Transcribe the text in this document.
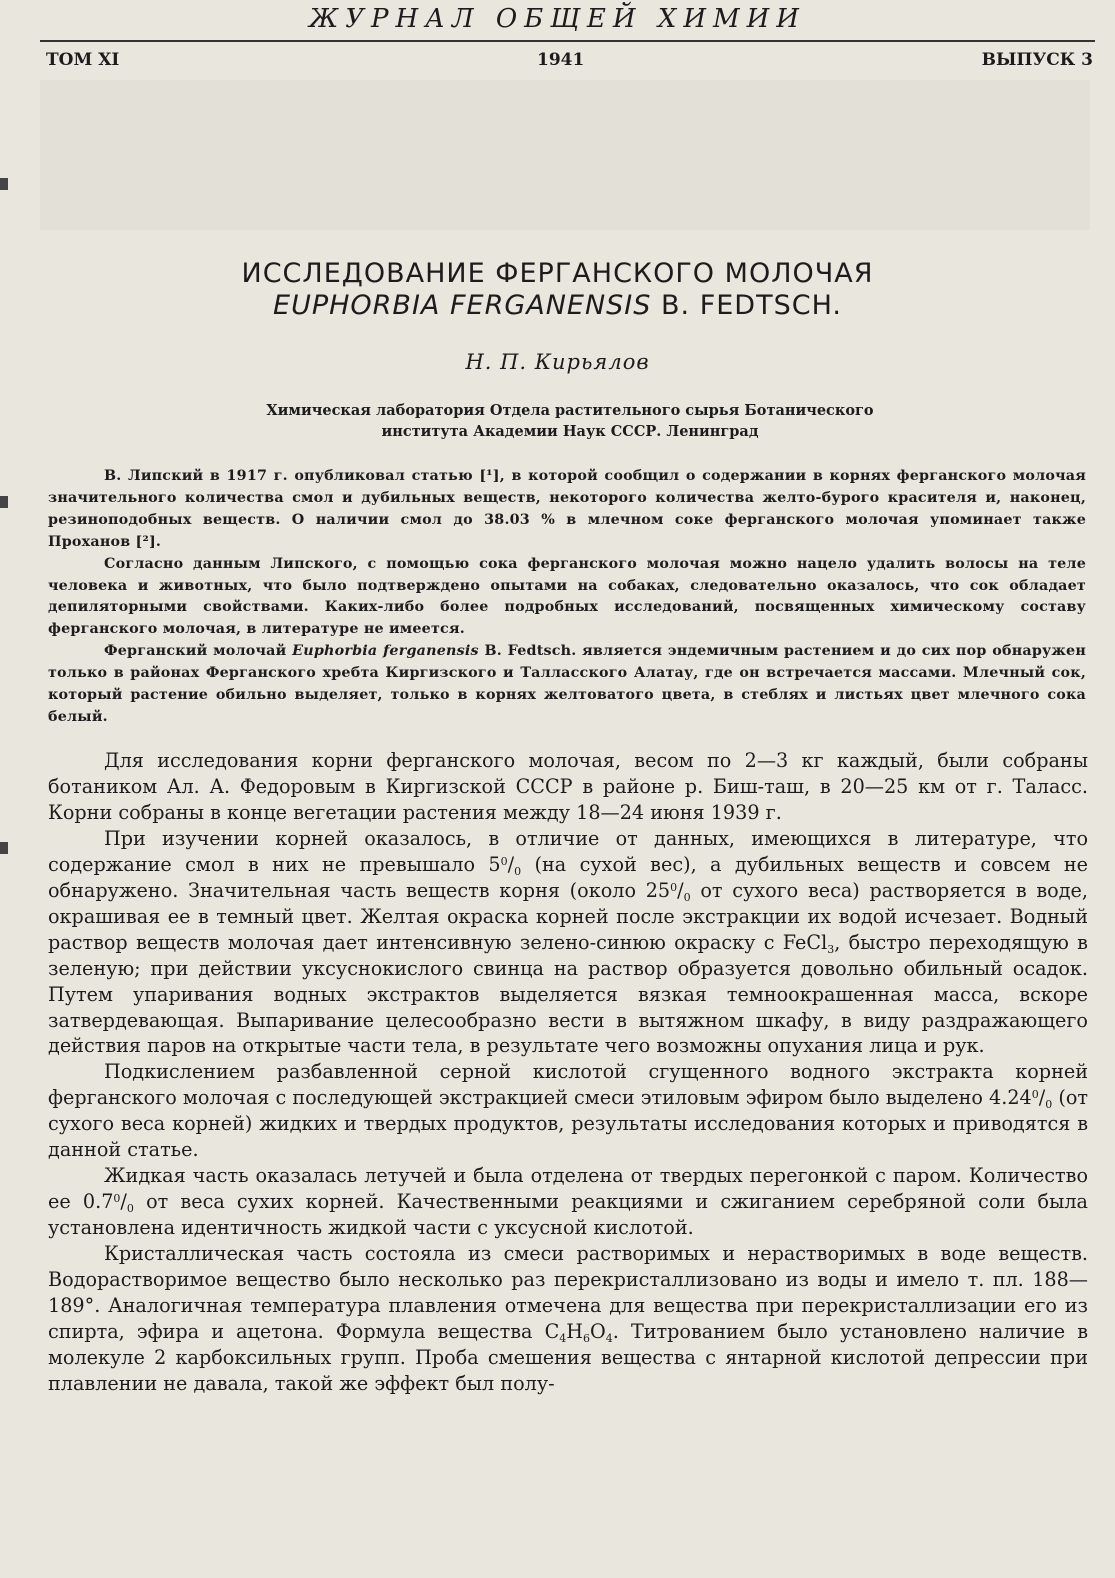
ЖУРНАЛ ОБЩЕЙ ХИМИИ
ТОМ XI	1941	ВЫПУСК 3
ИССЛЕДОВАНИЕ ФЕРГАНСКОГО МОЛОЧАЯ
EUPHORBIA FERGANENSIS B. FEDTSCH.
Н. П. Кирьялов
Химическая лаборатория Отдела растительного сырья Ботанического
института Академии Наук СССР. Ленинград

В. Липский в 1917 г. опубликовал статью [¹], в которой сообщил о содержании в корнях ферганского молочая значительного количества смол и дубильных веществ, некоторого количества желто-бурого красителя и, наконец, резиноподобных веществ. О наличии смол до 38.03 % в млечном соке ферганского молочая упоминает также Проханов [²].

Согласно данным Липского, с помощью сока ферганского молочая можно нацело удалить волосы на теле человека и животных, что было подтверждено опытами на собаках, следовательно оказалось, что сок обладает депиляторными свойствами. Каких-либо более подробных исследований, посвященных химическому составу ферганского молочая, в литературе не имеется.

Ферганский молочай Euphorbia ferganensis B. Fedtsch. является эндемичным растением и до сих пор обнаружен только в районах Ферганского хребта Киргизского и Талласского Алатау, где он встречается массами. Млечный сок, который растение обильно выделяет, только в корнях желтоватого цвета, в стеблях и листьях цвет млечного сока белый.

Для исследования корни ферганского молочая, весом по 2—3 кг каждый, были собраны ботаником Ал. А. Федоровым в Киргизской СССР в районе р. Биш-таш, в 20—25 км от г. Таласс. Корни собраны в конце вегетации растения между 18—24 июня 1939 г.

При изучении корней оказалось, в отличие от данных, имеющихся в литературе, что содержание смол в них не превышало $5^0/_0$ (на сухой вес), а дубильных веществ и совсем не обнаружено. Значительная часть веществ корня (около $25^0/_0$ от сухого веса) растворяется в воде, окрашивая ее в темный цвет. Желтая окраска корней после экстракции их водой исчезает. Водный раствор веществ молочая дает интенсивную зелено-синюю окраску с FeCl$_3$, быстро переходящую в зеленую; при действии уксуснокислого свинца на раствор образуется довольно обильный осадок. Путем упаривания водных экстрактов выделяется вязкая темноокрашенная масса, вскоре затвердевающая. Выпаривание целесообразно вести в вытяжном шкафу, в виду раздражающего действия паров на открытые части тела, в результате чего возможны опухания лица и рук.

Подкислением разбавленной серной кислотой сгущенного водного экстракта корней ферганского молочая с последующей экстракцией смеси этиловым эфиром было выделено $4.24^0/_0$ (от сухого веса корней) жидких и твердых продуктов, результаты исследования которых и приводятся в данной статье.

Жидкая часть оказалась летучей и была отделена от твердых перегонкой с паром. Количество ее $0.7^0/_0$ от веса сухих корней. Качественными реакциями и сжиганием серебряной соли была установлена идентичность жидкой части с уксусной кислотой.

Кристаллическая часть состояла из смеси растворимых и нерастворимых в воде веществ. Водорастворимое вещество было несколько раз перекристаллизовано из воды и имело т. пл. 188—189°. Аналогичная температура плавления отмечена для вещества при перекристаллизации его из спирта, эфира и ацетона. Формула вещества $C_4H_6O_4$. Титрованием было установлено наличие в молекуле 2 карбоксильных групп. Проба смешения вещества с янтарной кислотой депрессии при плавлении не давала, такой же эффект был полу-
